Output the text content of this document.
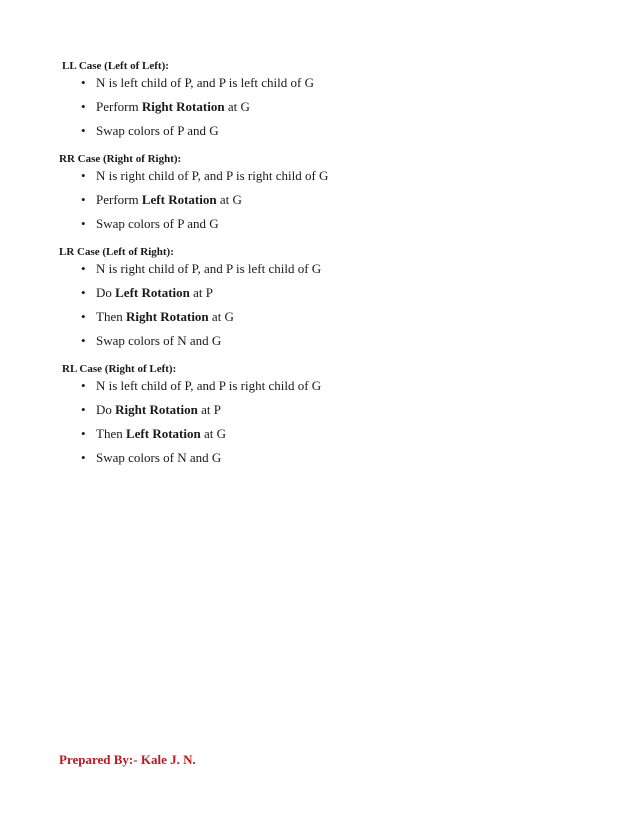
LL Case (Left of Left):
• N is left child of P, and P is left child of G
• Perform Right Rotation at G
• Swap colors of P and G
RR Case (Right of Right):
• N is right child of P, and P is right child of G
• Perform Left Rotation at G
• Swap colors of P and G
LR Case (Left of Right):
• N is right child of P, and P is left child of G
• Do Left Rotation at P
• Then Right Rotation at G
• Swap colors of N and G
RL Case (Right of Left):
• N is left child of P, and P is right child of G
• Do Right Rotation at P
• Then Left Rotation at G
• Swap colors of N and G
Prepared By:- Kale J. N.
